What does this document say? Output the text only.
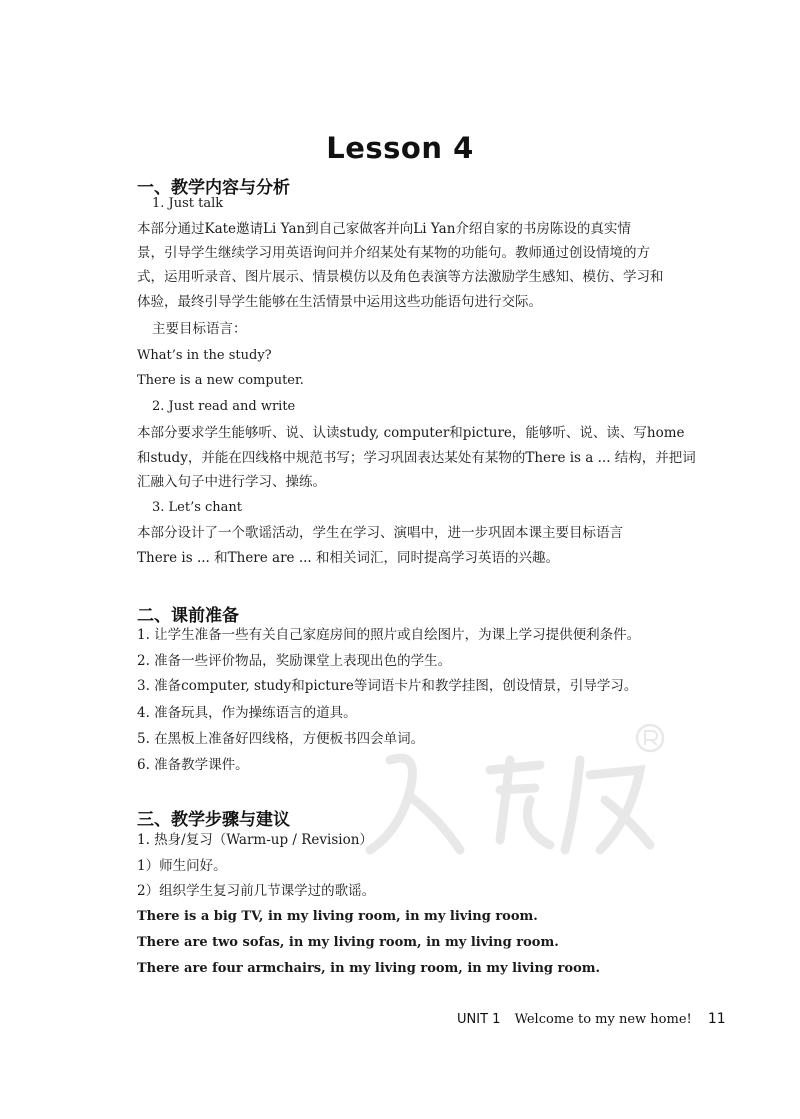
Lesson 4
一、教学内容与分析
1. Just talk
本部分通过Kate邀请Li Yan到自己家做客并向Li Yan介绍自家的书房陈设的真实情
景，引导学生继续学习用英语询问并介绍某处有某物的功能句。教师通过创设情境的方
式，运用听录音、图片展示、情景模仿以及角色表演等方法激励学生感知、模仿、学习和
体验，最终引导学生能够在生活情景中运用这些功能语句进行交际。
主要目标语言：
What’s in the study?
There is a new computer.
2. Just read and write
本部分要求学生能够听、说、认读study, computer和picture，能够听、说、读、写home
和study，并能在四线格中规范书写；学习巩固表达某处有某物的There is a ... 结构，并把词
汇融入句子中进行学习、操练。
3. Let’s chant
本部分设计了一个歌谣活动，学生在学习、演唱中，进一步巩固本课主要目标语言
There is ... 和There are ... 和相关词汇，同时提高学习英语的兴趣。
二、课前准备
1. 让学生准备一些有关自己家庭房间的照片或自绘图片，为课上学习提供便利条件。
2. 准备一些评价物品，奖励课堂上表现出色的学生。
3. 准备computer, study和picture等词语卡片和教学挂图，创设情景，引导学习。
4. 准备玩具，作为操练语言的道具。
5. 在黑板上准备好四线格，方便板书四会单词。
6. 准备教学课件。
三、教学步骤与建议
1. 热身/复习（Warm-up / Revision）
1）师生问好。
2）组织学生复习前几节课学过的歌谣。
There is a big TV, in my living room, in my living room.
There are two sofas, in my living room, in my living room.
There are four armchairs, in my living room, in my living room.
UNIT 1 Welcome to my new home! 11
